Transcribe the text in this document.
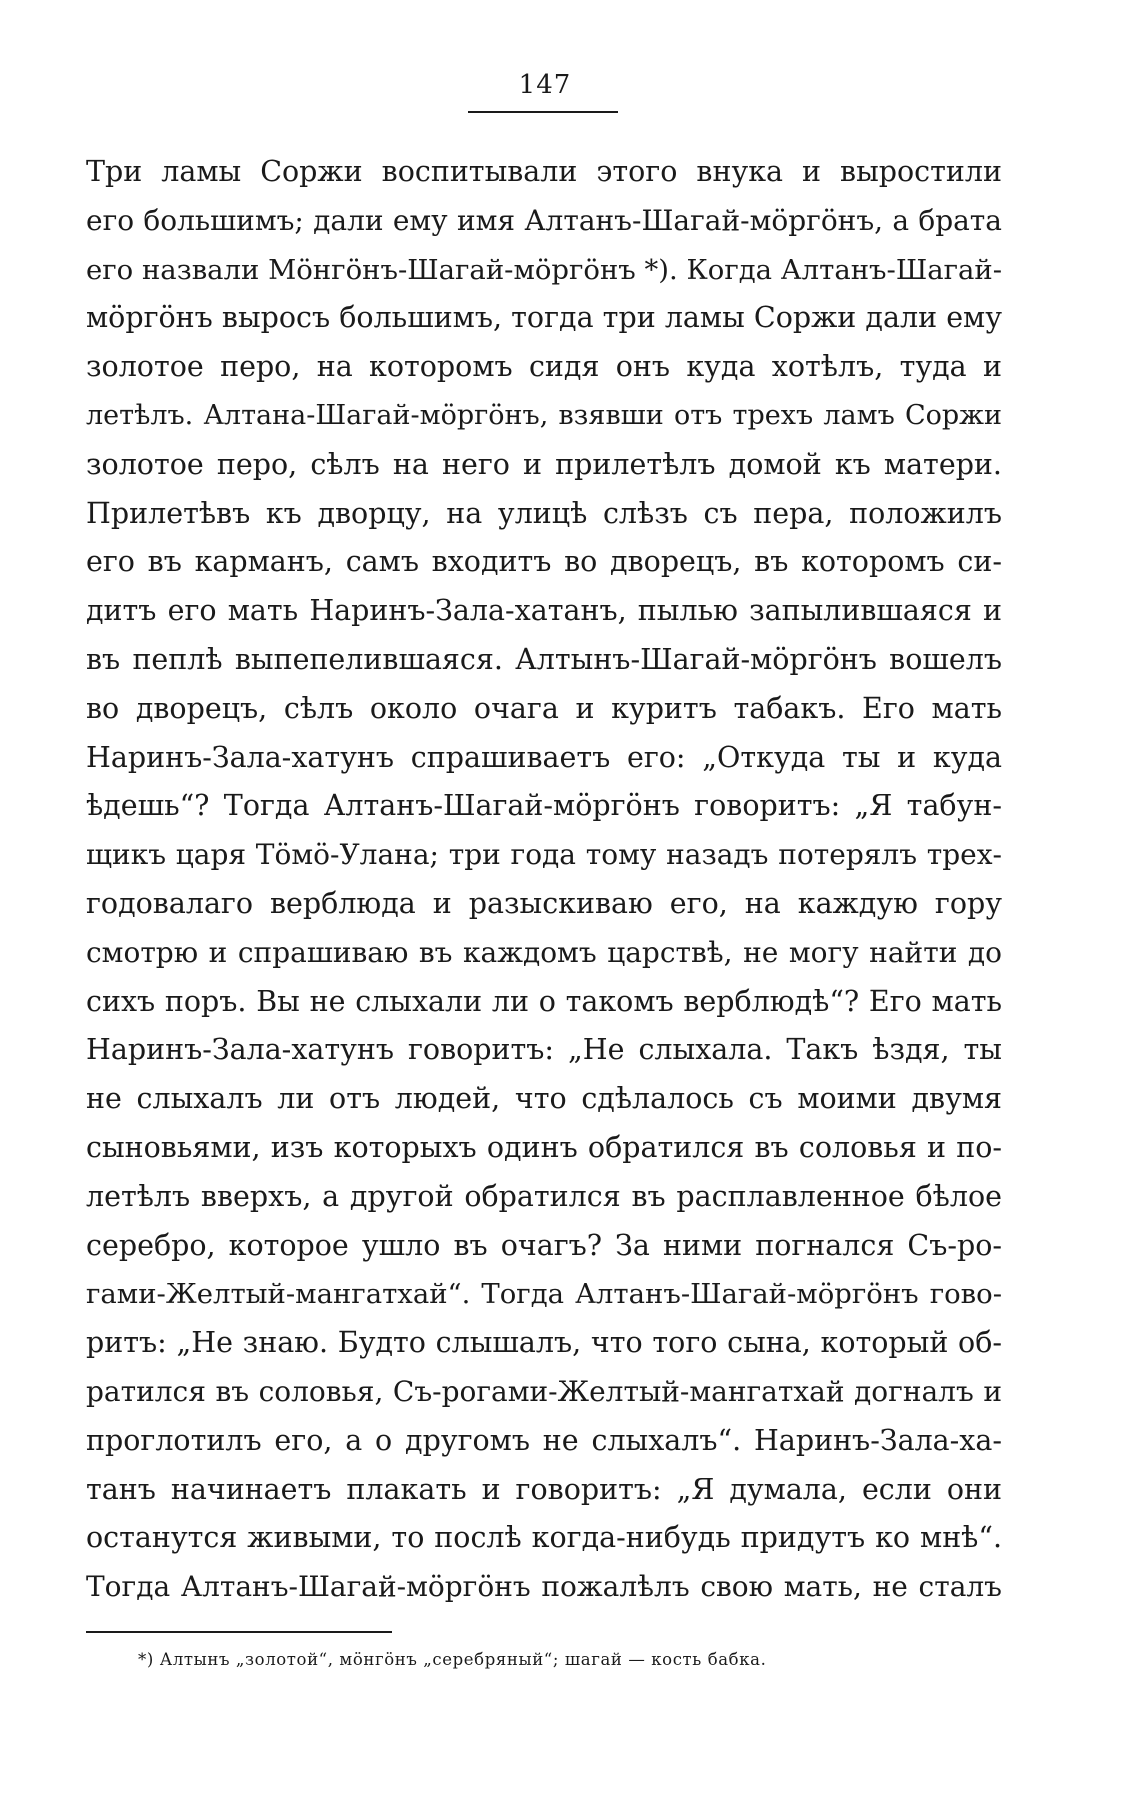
147
Три ламы Соржи воспитывали этого внука и выростили
его большимъ; дали ему имя Алтанъ-Шагай-мöргöнъ, а брата
его назвали Мöнгöнъ-Шагай-мöргöнъ *). Когда Алтанъ-Шагай-
мöргöнъ выросъ большимъ, тогда три ламы Соржи дали ему
золотое перо, на которомъ сидя онъ куда хотѣлъ, туда и
летѣлъ. Алтана-Шагай-мöргöнъ, взявши отъ трехъ ламъ Соржи
золотое перо, сѣлъ на него и прилетѣлъ домой къ матери.
Прилетѣвъ къ дворцу, на улицѣ слѣзъ съ пера, положилъ
его въ карманъ, самъ входитъ во дворецъ, въ которомъ си-
дитъ его мать Наринъ-Зала-хатанъ, пылью запылившаяся и
въ пеплѣ выпепелившаяся. Алтынъ-Шагай-мöргöнъ вошелъ
во дворецъ, сѣлъ около очага и куритъ табакъ. Его мать
Наринъ-Зала-хатунъ спрашиваетъ его: „Откуда ты и куда
ѣдешь“? Тогда Алтанъ-Шагай-мöргöнъ говоритъ: „Я табун-
щикъ царя Тöмö-Улана; три года тому назадъ потерялъ трех-
годовалаго верблюда и разыскиваю его, на каждую гору
смотрю и спрашиваю въ каждомъ царствѣ, не могу найти до
сихъ поръ. Вы не слыхали ли о такомъ верблюдѣ“? Его мать
Наринъ-Зала-хатунъ говоритъ: „Не слыхала. Такъ ѣздя, ты
не слыхалъ ли отъ людей, что сдѣлалось съ моими двумя
сыновьями, изъ которыхъ одинъ обратился въ соловья и по-
летѣлъ вверхъ, а другой обратился въ расплавленное бѣлое
серебро, которое ушло въ очагъ? За ними погнался Съ-ро-
гами-Желтый-мангатхай“. Тогда Алтанъ-Шагай-мöргöнъ гово-
ритъ: „Не знаю. Будто слышалъ, что того сына, который об-
ратился въ соловья, Съ-рогами-Желтый-мангатхай догналъ и
проглотилъ его, а о другомъ не слыхалъ“. Наринъ-Зала-ха-
танъ начинаетъ плакать и говоритъ: „Я думала, если они
останутся живыми, то послѣ когда-нибудь придутъ ко мнѣ“.
Тогда Алтанъ-Шагай-мöргöнъ пожалѣлъ свою мать, не сталъ
*) Алтынъ „золотой“, мöнгöнъ „серебряный“; шагай — кость бабка.
